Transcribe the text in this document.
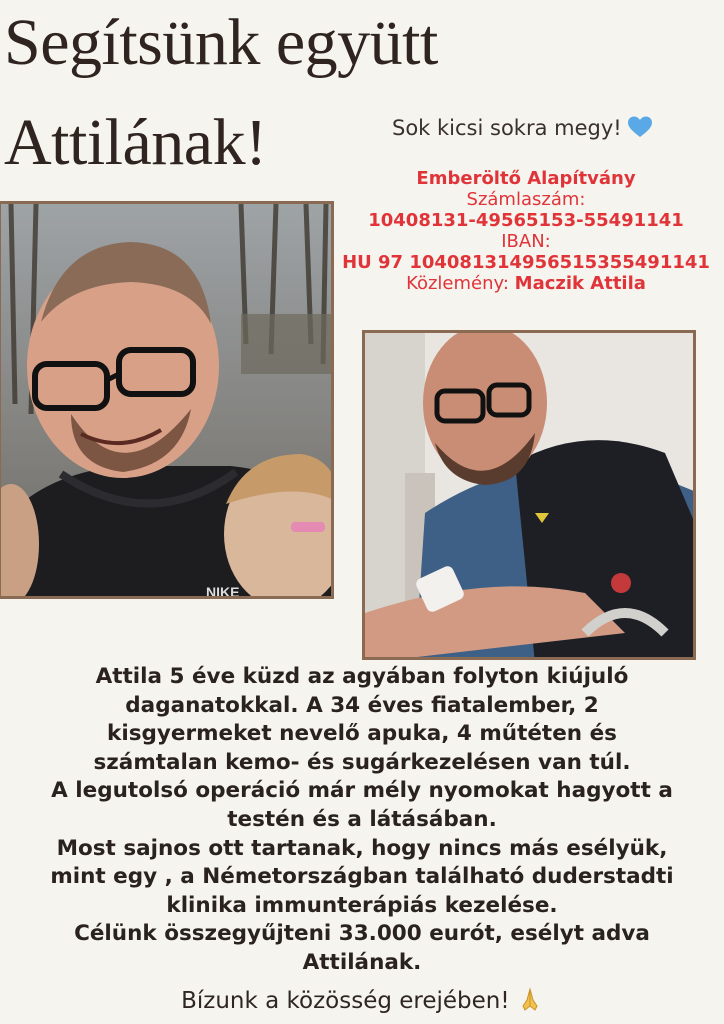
Segítsünk együtt
Attilának!	Sok kicsi sokra megy!
Emberöltő Alapítvány
Számlaszám:
10408131-49565153-55491141
IBAN:
HU 97 104081314956515355491141
Közlemény: Maczik Attila
NIKE
Attila 5 éve küzd az agyában folyton kiújuló
daganatokkal. A 34 éves fiatalember, 2
kisgyermeket nevelő apuka, 4 műtéten és
számtalan kemo- és sugárkezelésen van túl.
A legutolsó operáció már mély nyomokat hagyott a
testén és a látásában.
Most sajnos ott tartanak, hogy nincs más esélyük,
mint egy , a Németországban található duderstadti
klinika immunterápiás kezelése.
Célünk összegyűjteni 33.000 eurót, esélyt adva
Attilának.
Bízunk a közösség erejében!
